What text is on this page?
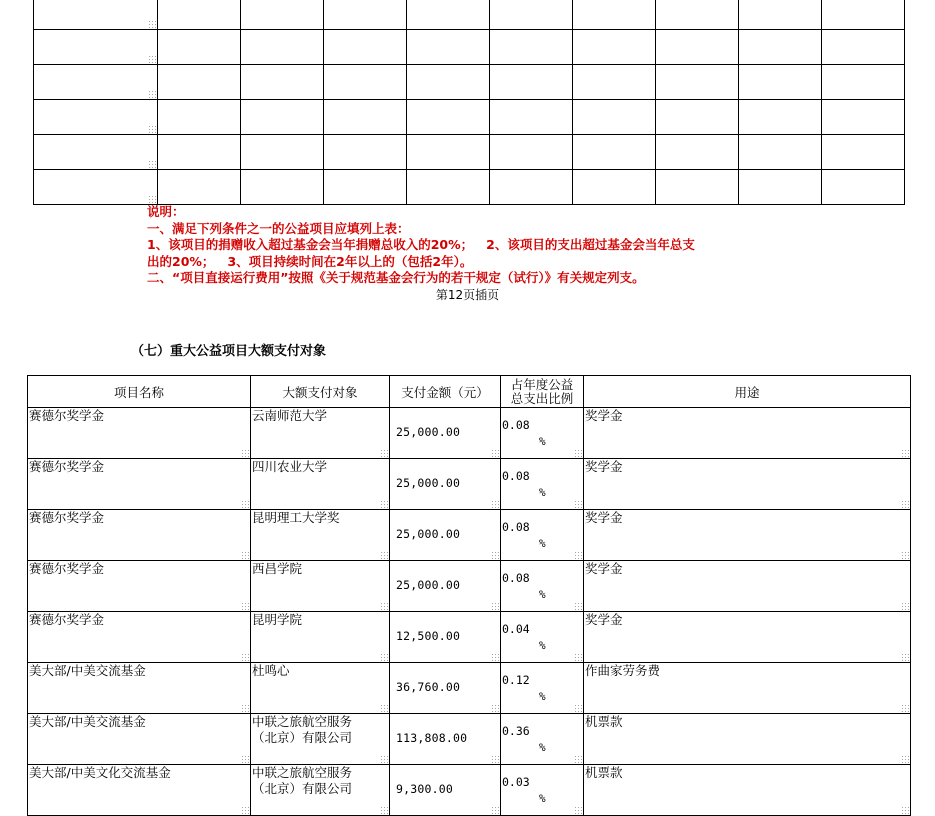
说明：
一、满足下列条件之一的公益项目应填列上表：
1、该项目的捐赠收入超过基金会当年捐赠总收入的20%；   2、该项目的支出超过基金会当年总支
出的20%；   3、项目持续时间在2年以上的（包括2年）。
二、“项目直接运行费用”按照《关于规范基金会行为的若干规定（试行）》有关规定列支。
第12页插页
（七）重大公益项目大额支付对象
项目名称	大额支付对象	支付金额（元）	占年度公益
总支出比例	用途

赛德尔奖学金	云南师范大学	25,000.00	0.08
%	奖学金

赛德尔奖学金	四川农业大学	25,000.00	0.08
%	奖学金

赛德尔奖学金	昆明理工大学奖	25,000.00	0.08
%	奖学金

赛德尔奖学金	西昌学院	25,000.00	0.08
%	奖学金

赛德尔奖学金	昆明学院	12,500.00	0.04
%	奖学金

美大部/中美交流基金	杜鸣心	36,760.00	0.12
%	作曲家劳务费

美大部/中美交流基金	中联之旅航空服务
（北京）有限公司	113,808.00	0.36
%	机票款

美大部/中美文化交流基金	中联之旅航空服务
（北京）有限公司	9,300.00	0.03
%	机票款
